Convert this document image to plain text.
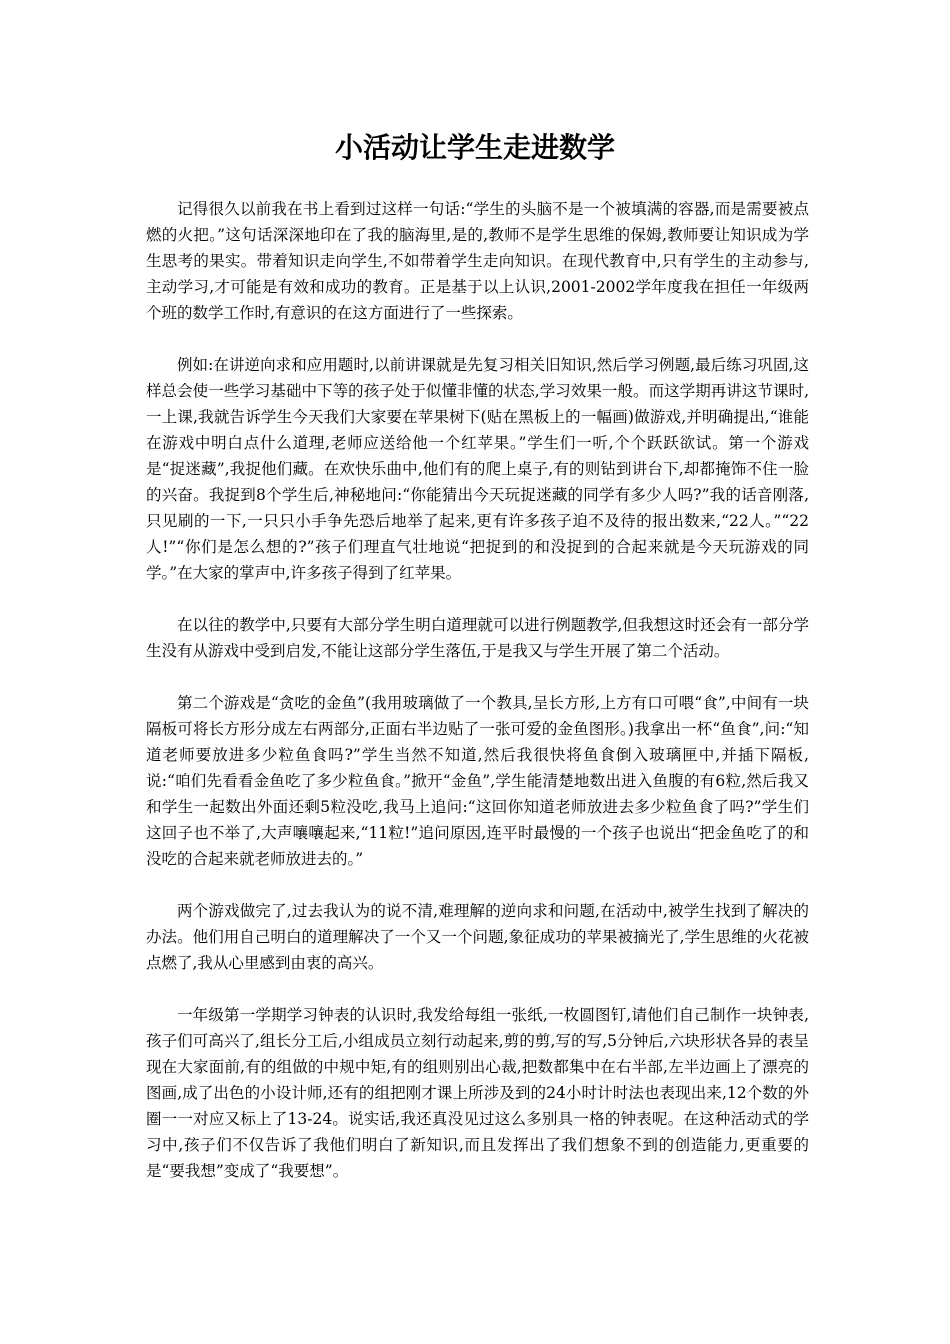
小活动让学生走进数学

记得很久以前我在书上看到过这样一句话:“学生的头脑不是一个被填满的容器,而是需要被点燃的火把。”这句话深深地印在了我的脑海里,是的,教师不是学生思维的保姆,教师要让知识成为学生思考的果实。带着知识走向学生,不如带着学生走向知识。在现代教育中,只有学生的主动参与,主动学习,才可能是有效和成功的教育。正是基于以上认识,2001-2002学年度我在担任一年级两个班的数学工作时,有意识的在这方面进行了一些探索。

例如:在讲逆向求和应用题时,以前讲课就是先复习相关旧知识,然后学习例题,最后练习巩固,这样总会使一些学习基础中下等的孩子处于似懂非懂的状态,学习效果一般。而这学期再讲这节课时,一上课,我就告诉学生今天我们大家要在苹果树下(贴在黑板上的一幅画)做游戏,并明确提出,“谁能在游戏中明白点什么道理,老师应送给他一个红苹果。”学生们一听,个个跃跃欲试。第一个游戏是“捉迷藏”,我捉他们藏。在欢快乐曲中,他们有的爬上桌子,有的则钻到讲台下,却都掩饰不住一脸的兴奋。我捉到8个学生后,神秘地问:“你能猜出今天玩捉迷藏的同学有多少人吗?”我的话音刚落,只见刷的一下,一只只小手争先恐后地举了起来,更有许多孩子迫不及待的报出数来,“22人。”“22人!”“你们是怎么想的?”孩子们理直气壮地说“把捉到的和没捉到的合起来就是今天玩游戏的同学。”在大家的掌声中,许多孩子得到了红苹果。

在以往的教学中,只要有大部分学生明白道理就可以进行例题教学,但我想这时还会有一部分学生没有从游戏中受到启发,不能让这部分学生落伍,于是我又与学生开展了第二个活动。

第二个游戏是“贪吃的金鱼”(我用玻璃做了一个教具,呈长方形,上方有口可喂“食”,中间有一块隔板可将长方形分成左右两部分,正面右半边贴了一张可爱的金鱼图形。)我拿出一杯“鱼食”,问:“知道老师要放进多少粒鱼食吗?”学生当然不知道,然后我很快将鱼食倒入玻璃匣中,并插下隔板,说:“咱们先看看金鱼吃了多少粒鱼食。”掀开“金鱼”,学生能清楚地数出进入鱼腹的有6粒,然后我又和学生一起数出外面还剩5粒没吃,我马上追问:“这回你知道老师放进去多少粒鱼食了吗?”学生们这回子也不举了,大声嚷嚷起来,“11粒!”追问原因,连平时最慢的一个孩子也说出“把金鱼吃了的和没吃的合起来就老师放进去的。”

两个游戏做完了,过去我认为的说不清,难理解的逆向求和问题,在活动中,被学生找到了解决的办法。他们用自己明白的道理解决了一个又一个问题,象征成功的苹果被摘光了,学生思维的火花被点燃了,我从心里感到由衷的高兴。

一年级第一学期学习钟表的认识时,我发给每组一张纸,一枚圆图钉,请他们自己制作一块钟表,孩子们可高兴了,组长分工后,小组成员立刻行动起来,剪的剪,写的写,5分钟后,六块形状各异的表呈现在大家面前,有的组做的中规中矩,有的组则别出心裁,把数都集中在右半部,左半边画上了漂亮的图画,成了出色的小设计师,还有的组把刚才课上所涉及到的24小时计时法也表现出来,12个数的外圈一一对应又标上了13-24。说实话,我还真没见过这么多别具一格的钟表呢。在这种活动式的学习中,孩子们不仅告诉了我他们明白了新知识,而且发挥出了我们想象不到的创造能力,更重要的是“要我想”变成了“我要想”。
